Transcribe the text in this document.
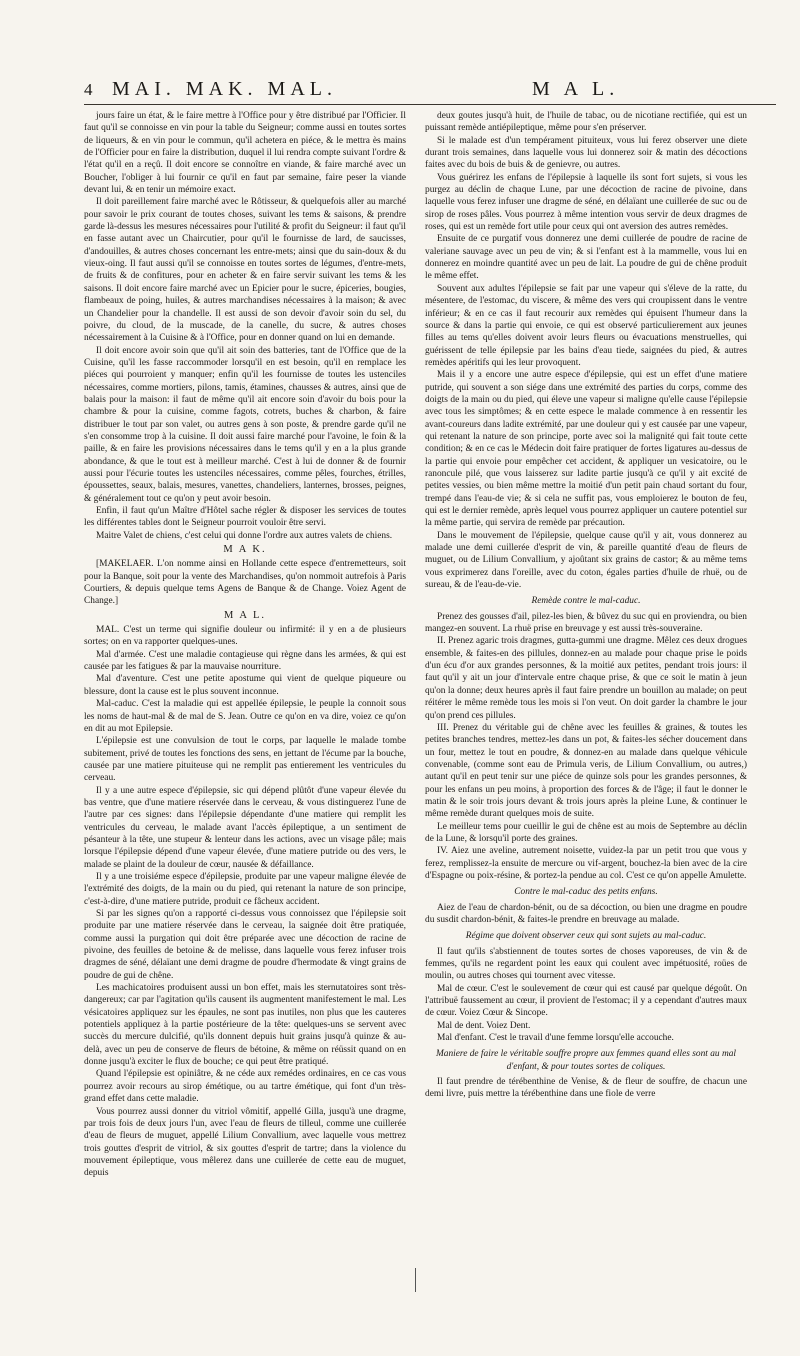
4 MAI. MAK. MAL.	M A L.

jours faire un état, & le faire mettre à l'Office pour y être distribué par l'Officier. Il faut qu'il se connoisse en vin pour la table du Seigneur; comme aussi en toutes sortes de liqueurs, & en vin pour le commun, qu'il achetera en piéce, & le mettra ès mains de l'Officier pour en faire la distribution, duquel il lui rendra compte suivant l'ordre & l'état qu'il en a reçû. Il doit encore se connoître en viande, & faire marché avec un Boucher, l'obliger à lui fournir ce qu'il en faut par semaine, faire peser la viande devant lui, & en tenir un mémoire exact.

Il doit pareillement faire marché avec le Rôtisseur, & quelquefois aller au marché pour savoir le prix courant de toutes choses, suivant les tems & saisons, & prendre garde là-dessus les mesures nécessaires pour l'utilité & profit du Seigneur: il faut qu'il en fasse autant avec un Chaircutier, pour qu'il le fournisse de lard, de saucisses, d'andouilles, & autres choses concernant les entre-mets; ainsi que du sain-doux & du vieux-oing. Il faut aussi qu'il se connoisse en toutes sortes de légumes, d'entre-mets, de fruits & de confitures, pour en acheter & en faire servir suivant les tems & les saisons. Il doit encore faire marché avec un Epicier pour le sucre, épiceries, bougies, flambeaux de poing, huiles, & autres marchandises nécessaires à la maison; & avec un Chandelier pour la chandelle. Il est aussi de son devoir d'avoir soin du sel, du poivre, du cloud, de la muscade, de la canelle, du sucre, & autres choses nécessairement à la Cuisine & à l'Office, pour en donner quand on lui en demande.

Il doit encore avoir soin que qu'il ait soin des batteries, tant de l'Office que de la Cuisine, qu'il les fasse raccommoder lorsqu'il en est besoin, qu'il en remplace les piéces qui pourroient y manquer; enfin qu'il les fournisse de toutes les ustenciles nécessaires, comme mortiers, pilons, tamis, étamines, chausses & autres, ainsi que de balais pour la maison: il faut de même qu'il ait encore soin d'avoir du bois pour la chambre & pour la cuisine, comme fagots, cotrets, buches & charbon, & faire distribuer le tout par son valet, ou autres gens à son poste, & prendre garde qu'il ne s'en consomme trop à la cuisine. Il doit aussi faire marché pour l'avoine, le foin & la paille, & en faire les provisions nécessaires dans le tems qu'il y en a la plus grande abondance, & que le tout est à meilleur marché. C'est à lui de donner & de fournir aussi pour l'écurie toutes les ustenciles nécessaires, comme pêles, fourches, étrilles, époussettes, seaux, balais, mesures, vanettes, chandeliers, lanternes, brosses, peignes, & généralement tout ce qu'on y peut avoir besoin.

Enfin, il faut qu'un Maître d'Hôtel sache régler & disposer les services de toutes les différentes tables dont le Seigneur pourroit vouloir être servi.

Maitre Valet de chiens, c'est celui qui donne l'ordre aux autres valets de chiens.

M A K.

[MAKELAER. L'on nomme ainsi en Hollande cette espece d'entremetteurs, soit pour la Banque, soit pour la vente des Marchandises, qu'on nommoit autrefois à Paris Courtiers, & depuis quelque tems Agens de Banque & de Change. Voiez Agent de Change.]

M A L.

MAL. C'est un terme qui signifie douleur ou infirmité: il y en a de plusieurs sortes; on en va rapporter quelques-unes.

Mal d'armée. C'est une maladie contagieuse qui règne dans les armées, & qui est causée par les fatigues & par la mauvaise nourriture.

Mal d'aventure. C'est une petite apostume qui vient de quelque piqueure ou blessure, dont la cause est le plus souvent inconnue.

Mal-caduc. C'est la maladie qui est appellée épilepsie, le peuple la connoit sous les noms de haut-mal & de mal de S. Jean. Outre ce qu'on en va dire, voiez ce qu'on en dit au mot Epilepsie.

L'épilepsie est une convulsion de tout le corps, par laquelle le malade tombe subitement, privé de toutes les fonctions des sens, en jettant de l'écume par la bouche, causée par une matiere pituiteuse qui ne remplit pas entierement les ventricules du cerveau.

Il y a une autre espece d'épilepsie, sic qui dépend plûtôt d'une vapeur élevée du bas ventre, que d'une matiere réservée dans le cerveau, & vous distinguerez l'une de l'autre par ces signes: dans l'épilepsie dépendante d'une matiere qui remplit les ventricules du cerveau, le malade avant l'accès épileptique, a un sentiment de pésanteur à la tête, une stupeur & lenteur dans les actions, avec un visage pâle; mais lorsque l'épilepsie dépend d'une vapeur élevée, d'une matiere putride ou des vers, le malade se plaint de la douleur de cœur, nausée & défaillance.

Il y a une troisiéme espece d'épilepsie, produite par une vapeur maligne élevée de l'extrémité des doigts, de la main ou du pied, qui retenant la nature de son principe, c'est-à-dire, d'une matiere putride, produit ce fâcheux accident.

Si par les signes qu'on a rapporté ci-dessus vous connoissez que l'épilepsie soit produite par une matiere réservée dans le cerveau, la saignée doit être pratiquée, comme aussi la purgation qui doit être préparée avec une décoction de racine de pivoine, des feuilles de betoine & de melisse, dans laquelle vous ferez infuser trois dragmes de séné, délaïant une demi dragme de poudre d'hermodate & vingt grains de poudre de gui de chêne.

Les machicatoires produisent aussi un bon effet, mais les sternutatoires sont très-dangereux; car par l'agitation qu'ils causent ils augmentent manifestement le mal. Les vésicatoires appliquez sur les épaules, ne sont pas inutiles, non plus que les cauteres potentiels appliquez à la partie postérieure de la tête: quelques-uns se servent avec succès du mercure dulcifié, qu'ils donnent depuis huit grains jusqu'à quinze & au-delà, avec un peu de conserve de fleurs de bétoine, & même on réüssit quand on en donne jusqu'à exciter le flux de bouche; ce qui peut être pratiqué.

Quand l'épilepsie est opiniâtre, & ne céde aux remédes ordinaires, en ce cas vous pourrez avoir recours au sirop émétique, ou au tartre émétique, qui font d'un très-grand effet dans cette maladie.

Vous pourrez aussi donner du vitriol vômitif, appellé Gilla, jusqu'à une dragme, par trois fois de deux jours l'un, avec l'eau de fleurs de tilleul, comme une cuillerée d'eau de fleurs de muguet, appellé Lilium Convallium, avec laquelle vous mettrez trois gouttes d'esprit de vitriol, & six gouttes d'esprit de tartre; dans la violence du mouvement épileptique, vous mêlerez dans une cuillerée de cette eau de muguet, depuis

deux goutes jusqu'à huit, de l'huile de tabac, ou de nicotiane rectifiée, qui est un puissant remède antiépileptique, même pour s'en préserver.

Si le malade est d'un tempérament pituiteux, vous lui ferez observer une diete durant trois semaines, dans laquelle vous lui donnerez soir & matin des décoctions faites avec du bois de buis & de genievre, ou autres.

Vous guérirez les enfans de l'épilepsie à laquelle ils sont fort sujets, si vous les purgez au déclin de chaque Lune, par une décoction de racine de pivoine, dans laquelle vous ferez infuser une dragme de séné, en délaïant une cuillerée de suc ou de sirop de roses pâles. Vous pourrez à même intention vous servir de deux dragmes de roses, qui est un remède fort utile pour ceux qui ont aversion des autres remèdes.

Ensuite de ce purgatif vous donnerez une demi cuillerée de poudre de racine de valeriane sauvage avec un peu de vin; & si l'enfant est à la mammelle, vous lui en donnerez en moindre quantité avec un peu de lait. La poudre de gui de chêne produit le même effet.

Souvent aux adultes l'épilepsie se fait par une vapeur qui s'éleve de la ratte, du mésentere, de l'estomac, du viscere, & même des vers qui croupissent dans le ventre inférieur; & en ce cas il faut recourir aux remèdes qui épuisent l'humeur dans la source & dans la partie qui envoie, ce qui est observé particulierement aux jeunes filles au tems qu'elles doivent avoir leurs fleurs ou évacuations menstruelles, qui guérissent de telle épilepsie par les bains d'eau tiede, saignées du pied, & autres remèdes apéritifs qui les leur provoquent.

Mais il y a encore une autre espece d'épilepsie, qui est un effet d'une matiere putride, qui souvent a son siége dans une extrémité des parties du corps, comme des doigts de la main ou du pied, qui éleve une vapeur si maligne qu'elle cause l'épilepsie avec tous les simptômes; & en cette espece le malade commence à en ressentir les avant-coureurs dans ladite extrémité, par une douleur qui y est causée par une vapeur, qui retenant la nature de son principe, porte avec soi la malignité qui fait toute cette condition; & en ce cas le Médecin doit faire pratiquer de fortes ligatures au-dessus de la partie qui envoie pour empêcher cet accident, & appliquer un vesicatoire, ou le ranoncule pilé, que vous laisserez sur ladite partie jusqu'à ce qu'il y ait excité de petites vessies, ou bien même mettre la moitié d'un petit pain chaud sortant du four, trempé dans l'eau-de vie; & si cela ne suffit pas, vous emploierez le bouton de feu, qui est le dernier remède, après lequel vous pourrez appliquer un cautere potentiel sur la même partie, qui servira de remède par précaution.

Dans le mouvement de l'épilepsie, quelque cause qu'il y ait, vous donnerez au malade une demi cuillerée d'esprit de vin, & pareille quantité d'eau de fleurs de muguet, ou de Lilium Convallium, y ajoûtant six grains de castor; & au même tems vous exprimerez dans l'oreille, avec du coton, égales parties d'huile de rhuë, ou de sureau, & de l'eau-de-vie.

Remède contre le mal-caduc.

Prenez des gousses d'ail, pilez-les bien, & bûvez du suc qui en proviendra, ou bien mangez-en souvent. La rhuë prise en breuvage y est aussi très-souveraine.

II. Prenez agaric trois dragmes, gutta-gummi une dragme. Mêlez ces deux drogues ensemble, & faites-en des pillules, donnez-en au malade pour chaque prise le poids d'un écu d'or aux grandes personnes, & la moitié aux petites, pendant trois jours: il faut qu'il y ait un jour d'intervale entre chaque prise, & que ce soit le matin à jeun qu'on la donne; deux heures après il faut faire prendre un bouillon au malade; on peut réitérer le même remède tous les mois si l'on veut. On doit garder la chambre le jour qu'on prend ces pillules.

III. Prenez du véritable gui de chêne avec les feuilles & graines, & toutes les petites branches tendres, mettez-les dans un pot, & faites-les sécher doucement dans un four, mettez le tout en poudre, & donnez-en au malade dans quelque véhicule convenable, (comme sont eau de Primula veris, de Lilium Convallium, ou autres,) autant qu'il en peut tenir sur une piéce de quinze sols pour les grandes personnes, & pour les enfans un peu moins, à proportion des forces & de l'âge; il faut le donner le matin & le soir trois jours devant & trois jours après la pleine Lune, & continuer le même remède durant quelques mois de suite.

Le meilleur tems pour cueillir le gui de chêne est au mois de Septembre au déclin de la Lune, & lorsqu'il porte des graines.

IV. Aiez une aveline, autrement noisette, vuidez-la par un petit trou que vous y ferez, remplissez-la ensuite de mercure ou vif-argent, bouchez-la bien avec de la cire d'Espagne ou poix-résine, & portez-la pendue au col. C'est ce qu'on appelle Amulette.

Contre le mal-caduc des petits enfans.

Aiez de l'eau de chardon-bénit, ou de sa décoction, ou bien une dragme en poudre du susdit chardon-bénit, & faites-le prendre en breuvage au malade.

Régime que doivent observer ceux qui sont sujets au mal-caduc.

Il faut qu'ils s'abstiennent de toutes sortes de choses vaporeuses, de vin & de femmes, qu'ils ne regardent point les eaux qui coulent avec impétuosité, roües de moulin, ou autres choses qui tournent avec vitesse.

Mal de cœur. C'est le soulevement de cœur qui est causé par quelque dégoût. On l'attribuë faussement au cœur, il provient de l'estomac; il y a cependant d'autres maux de cœur. Voiez Cœur & Sincope.

Mal de dent. Voiez Dent.

Mal d'enfant. C'est le travail d'une femme lorsqu'elle accouche.

Maniere de faire le véritable souffre propre aux femmes quand elles sont au mal d'enfant, & pour toutes sortes de coliques.

Il faut prendre de térébenthine de Venise, & de fleur de souffre, de chacun une demi livre, puis mettre la térébenthine dans une fiole de verre
